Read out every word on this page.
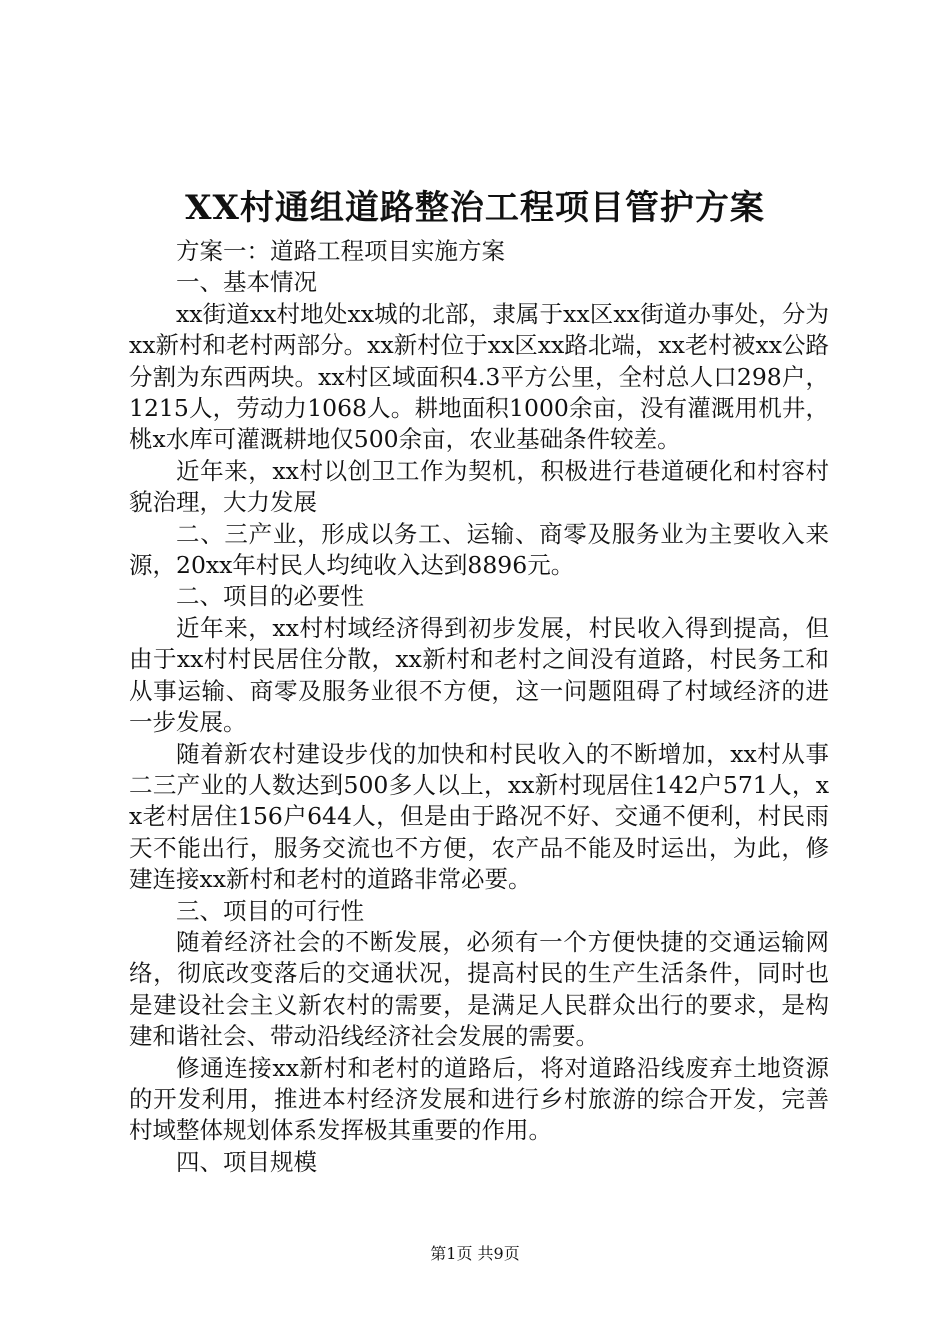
XX村通组道路整治工程项目管护方案

方案一：道路工程项目实施方案

一、基本情况

xx街道xx村地处xx城的北部，隶属于xx区xx街道办事处，分为xx新村和老村两部分。xx新村位于xx区xx路北端，xx老村被xx公路分割为东西两块。xx村区域面积4.3平方公里，全村总人口298户，1215人，劳动力1068人。耕地面积1000余亩，没有灌溉用机井，桃x水库可灌溉耕地仅500余亩，农业基础条件较差。

近年来，xx村以创卫工作为契机，积极进行巷道硬化和村容村貌治理，大力发展

二、三产业，形成以务工、运输、商零及服务业为主要收入来源，20xx年村民人均纯收入达到8896元。

二、项目的必要性

近年来，xx村村域经济得到初步发展，村民收入得到提高，但由于xx村村民居住分散，xx新村和老村之间没有道路，村民务工和从事运输、商零及服务业很不方便，这一问题阻碍了村域经济的进一步发展。

随着新农村建设步伐的加快和村民收入的不断增加，xx村从事二三产业的人数达到500多人以上，xx新村现居住142户571人，xx老村居住156户644人，但是由于路况不好、交通不便利，村民雨天不能出行，服务交流也不方便，农产品不能及时运出，为此，修建连接xx新村和老村的道路非常必要。

三、项目的可行性

随着经济社会的不断发展，必须有一个方便快捷的交通运输网络，彻底改变落后的交通状况，提高村民的生产生活条件，同时也是建设社会主义新农村的需要，是满足人民群众出行的要求，是构建和谐社会、带动沿线经济社会发展的需要。

修通连接xx新村和老村的道路后，将对道路沿线废弃土地资源的开发利用，推进本村经济发展和进行乡村旅游的综合开发，完善村域整体规划体系发挥极其重要的作用。

四、项目规模

第1页 共9页
